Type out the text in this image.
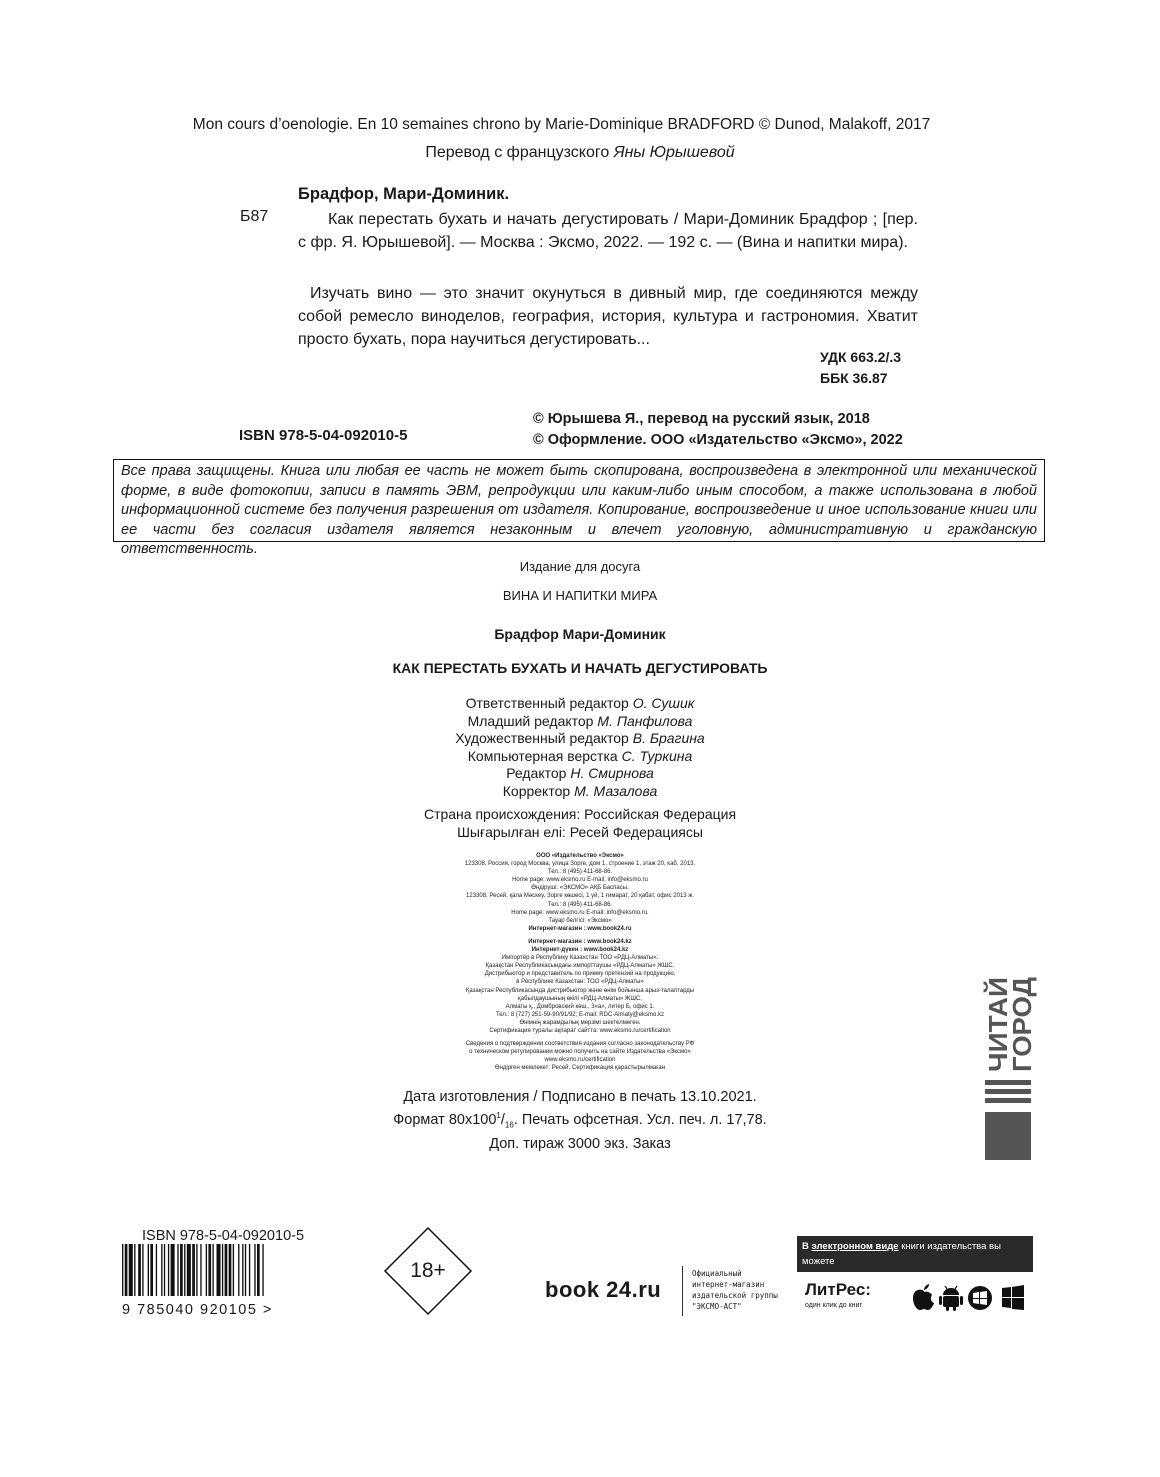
Mon cours d’oenologie. En 10 semaines chrono by Marie-Dominique BRADFORD © Dunod, Malakoff, 2017
Перевод с французского Яны Юрышевой
Брадфор, Мари-Доминик.
Б87	Как перестать бухать и начать дегустировать / Мари-Доминик Брадфор ; [пер. с фр. Я. Юрышевой]. — Москва : Эксмо, 2022. — 192 с. — (Вина и напитки мира).
Изучать вино — это значит окунуться в дивный мир, где соединяются между собой ремесло виноделов, география, история, культура и гастрономия. Хватит просто бухать, пора научиться дегустировать...
УДК 663.2/.3
ББК 36.87
© Юрышева Я., перевод на русский язык, 2018
© Оформление. ООО «Издательство «Эксмо», 2022
ISBN 978-5-04-092010-5
Все права защищены. Книга или любая ее часть не может быть скопирована, воспроизведена в электронной или механической форме, в виде фотокопии, записи в память ЭВМ, репродукции или каким-либо иным способом, а также использована в любой информационной системе без получения разрешения от издателя. Копирование, воспроизведение и иное использование книги или ее части без согласия издателя является незаконным и влечет уголовную, административную и гражданскую ответственность.
Издание для досуга
ВИНА И НАПИТКИ МИРА
Брадфор Мари-Доминик
КАК ПЕРЕСТАТЬ БУХАТЬ И НАЧАТЬ ДЕГУСТИРОВАТЬ
Ответственный редактор О. Сушик
Младший редактор М. Панфилова
Художественный редактор В. Брагина
Компьютерная верстка С. Туркина
Редактор Н. Смирнова
Корректор М. Мазалова
Страна происхождения: Российская Федерация
Шығарылған елі: Ресей Федерациясы
ООО «Издательство «Эксмо»
123308, Россия, город Москва, улица Зорге, дом 1, строение 1, этаж 20, каб. 2013.
Тел.: 8 (495) 411-68-86.
Home page: www.eksmo.ru E-mail: info@eksmo.ru
Өндіруші: «ЭКСМО» АҚБ Баспасы,
123308, Ресей, қала Мәскеу, Зорге көшесі, 1 үй, 1 ғимарат, 20 қабат, офис 2013 ж.
Тел.: 8 (495) 411-68-86.
Home page: www.eksmo.ru E-mail: info@eksmo.ru.
Тауар белгісі: «Эксмо»
Интернет-магазин : www.book24.ru
Интернет-магазин : www.book24.kz
Интернет-дүкен : www.book24.kz
Импортёр в Республику Казахстан ТОО «РДЦ-Алматы».
Қазақстан Республикасындағы импорттаушы «РДЦ-Алматы» ЖШС.
Дистрибьютор и представитель по приему претензий на продукцию,
в Республике Казахстан: ТОО «РДЦ-Алматы»
Қазақстан Республикасында дистрибьютор және өнім бойынша арыз-талаптарды
қабылдаушының өкілі «РДЦ-Алматы» ЖШС,
Алматы қ., Домбровский көш., 3«а», литер Б, офис 1.
Тел.: 8 (727) 251-59-90/91/92; E-mail: RDC-Almaty@eksmo.kz
Өнімнің жарамдылық мерзімі шектелмеген.
Сертификация туралы ақпарат сайтта: www.eksmo.ru/certification
Сведения о подтверждении соответствия издания согласно законодательству РФ
о техническом регулировании можно получить на сайте Издательства «Эксмо»
www.eksmo.ru/certification
Өндірген мемлекет: Ресей. Сертификация қарастырылмаған
Дата изготовления / Подписано в печать 13.10.2021.
Формат $80х100^1/_{16}$. Печать офсетная. Усл. печ. л. 17,78.
Доп. тираж 3000 экз. Заказ
ЧИТАЙ
ГОРОД
ISBN 978-5-04-092010-5
9 785040 920105 >
18+
book 24.ru
Официальный
интернет-магазин
издательской группы
"ЭКСМО-АСТ"
В электронном виде книги издательства вы можете
купить на www.litres.ru
ЛитРес:
один клик до книг
